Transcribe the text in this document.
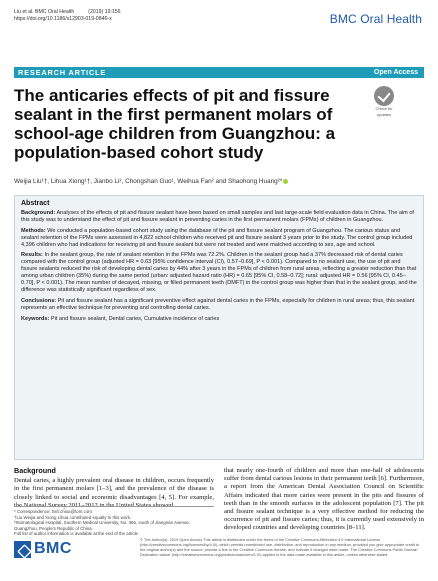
Liu et al. BMC Oral Health	(2019) 19:156
https://doi.org/10.1186/s12903-019-0846-x	BMC Oral Health
RESEARCH ARTICLE	Open Access
The anticaries effects of pit and fissure sealant in the first permanent molars of school-age children from Guangzhou: a population-based cohort study
Check for
updates
Weijia Liu¹†, Lihua Xiong¹†, Jianbo Li², Chongshan Guo¹, Weihua Fan² and Shaohong Huang²*
Abstract

Background: Analyses of the effects of pit and fissure sealant have been based on small samples and last large-scale field evaluation data in China. The aim of this study was to understand the effect of pit and fissure sealant in preventing caries in the first permanent molars (FPMs) of children in Guangzhou.

Methods: We conducted a population-based cohort study using the database of the pit and fissure sealant program of Guangzhou. The carious status and sealant retention of the FPMs were assessed in 4,822 school children who received pit and fissure sealant 3 years prior to the study. The control group included 4,396 children who had indications for receiving pit and fissure sealant but were not treated and were matched according to sex, age and school.

Results: In the sealant group, the rate of sealant retention in the FPMs was 72.2%. Children in the sealant group had a 37% decreased risk of dental caries compared with the control group (adjusted HR = 0.63 [95% confidence interval (CI), 0.57–0.69], P < 0.001). Compared to no sealant use, the use of pit and fissure sealants reduced the risk of developing dental caries by 44% after 3 years in the FPMs of children from rural areas, reflecting a greater reduction than that among urban children (35%) during the same period (urban: adjusted hazard ratio (HR) = 0.65 [95% CI, 0.58–0.72]; rural: adjusted HR = 0.56 [95% CI, 0.45–0.70], P < 0.001). The mean number of decayed, missing, or filled permanent teeth (DMFT) in the control group was higher than that in the sealant group, and the difference was statistically significant regardless of sex.

Conclusions: Pit and fissure sealant has a significant preventive effect against dental caries in the FPMs, especially for children in rural areas; thus, this sealant represents an effective technique for preventing and controlling dental caries.

Keywords: Pit and fissure sealant, Dental caries, Cumulative incidence of caries

Background
Dental caries, a highly prevalent oral disease in children, occurs frequently in the first permanent molars [1–3], and the prevalence of the disease is closely linked to social and economic disadvantages [4, 5]. For example, the National Survey 2011–2012 in the United States showed
that nearly one-fourth of children and more than one-half of adolescents suffer from dental carious lesions in their permanent teeth [6]. Furthermore, a report from the American Dental Association Council on Scientific Affairs indicated that more caries were present in the pits and fissures of teeth than in the smooth surfaces in the adolescent population [7]. The pit and fissure sealant technique is a very effective method for reducing the occurrence of pit and fissure caries; thus, it is currently used extensively in developed countries and developing countries [8–11].
* Correspondence: hsh.china@tom.com
†Liu Weijia and Xiong Lihua contributed equally to this work.
²Stomatological Hospital, Southern Medical University, No. 366, south of Jiangnan Avenue, Guangzhou, People's Republic of China
Full list of author information is available at the end of the article
BMC
© The Author(s). 2019 Open Access This article is distributed under the terms of the Creative Commons Attribution 4.0 International License (http://creativecommons.org/licenses/by/4.0/), which permits unrestricted use, distribution, and reproduction in any medium, provided you give appropriate credit to the original author(s) and the source, provide a link to the Creative Commons license, and indicate if changes were made. The Creative Commons Public Domain Dedication waiver (http://creativecommons.org/publicdomain/zero/1.0/) applies to the data made available in this article, unless otherwise stated.
